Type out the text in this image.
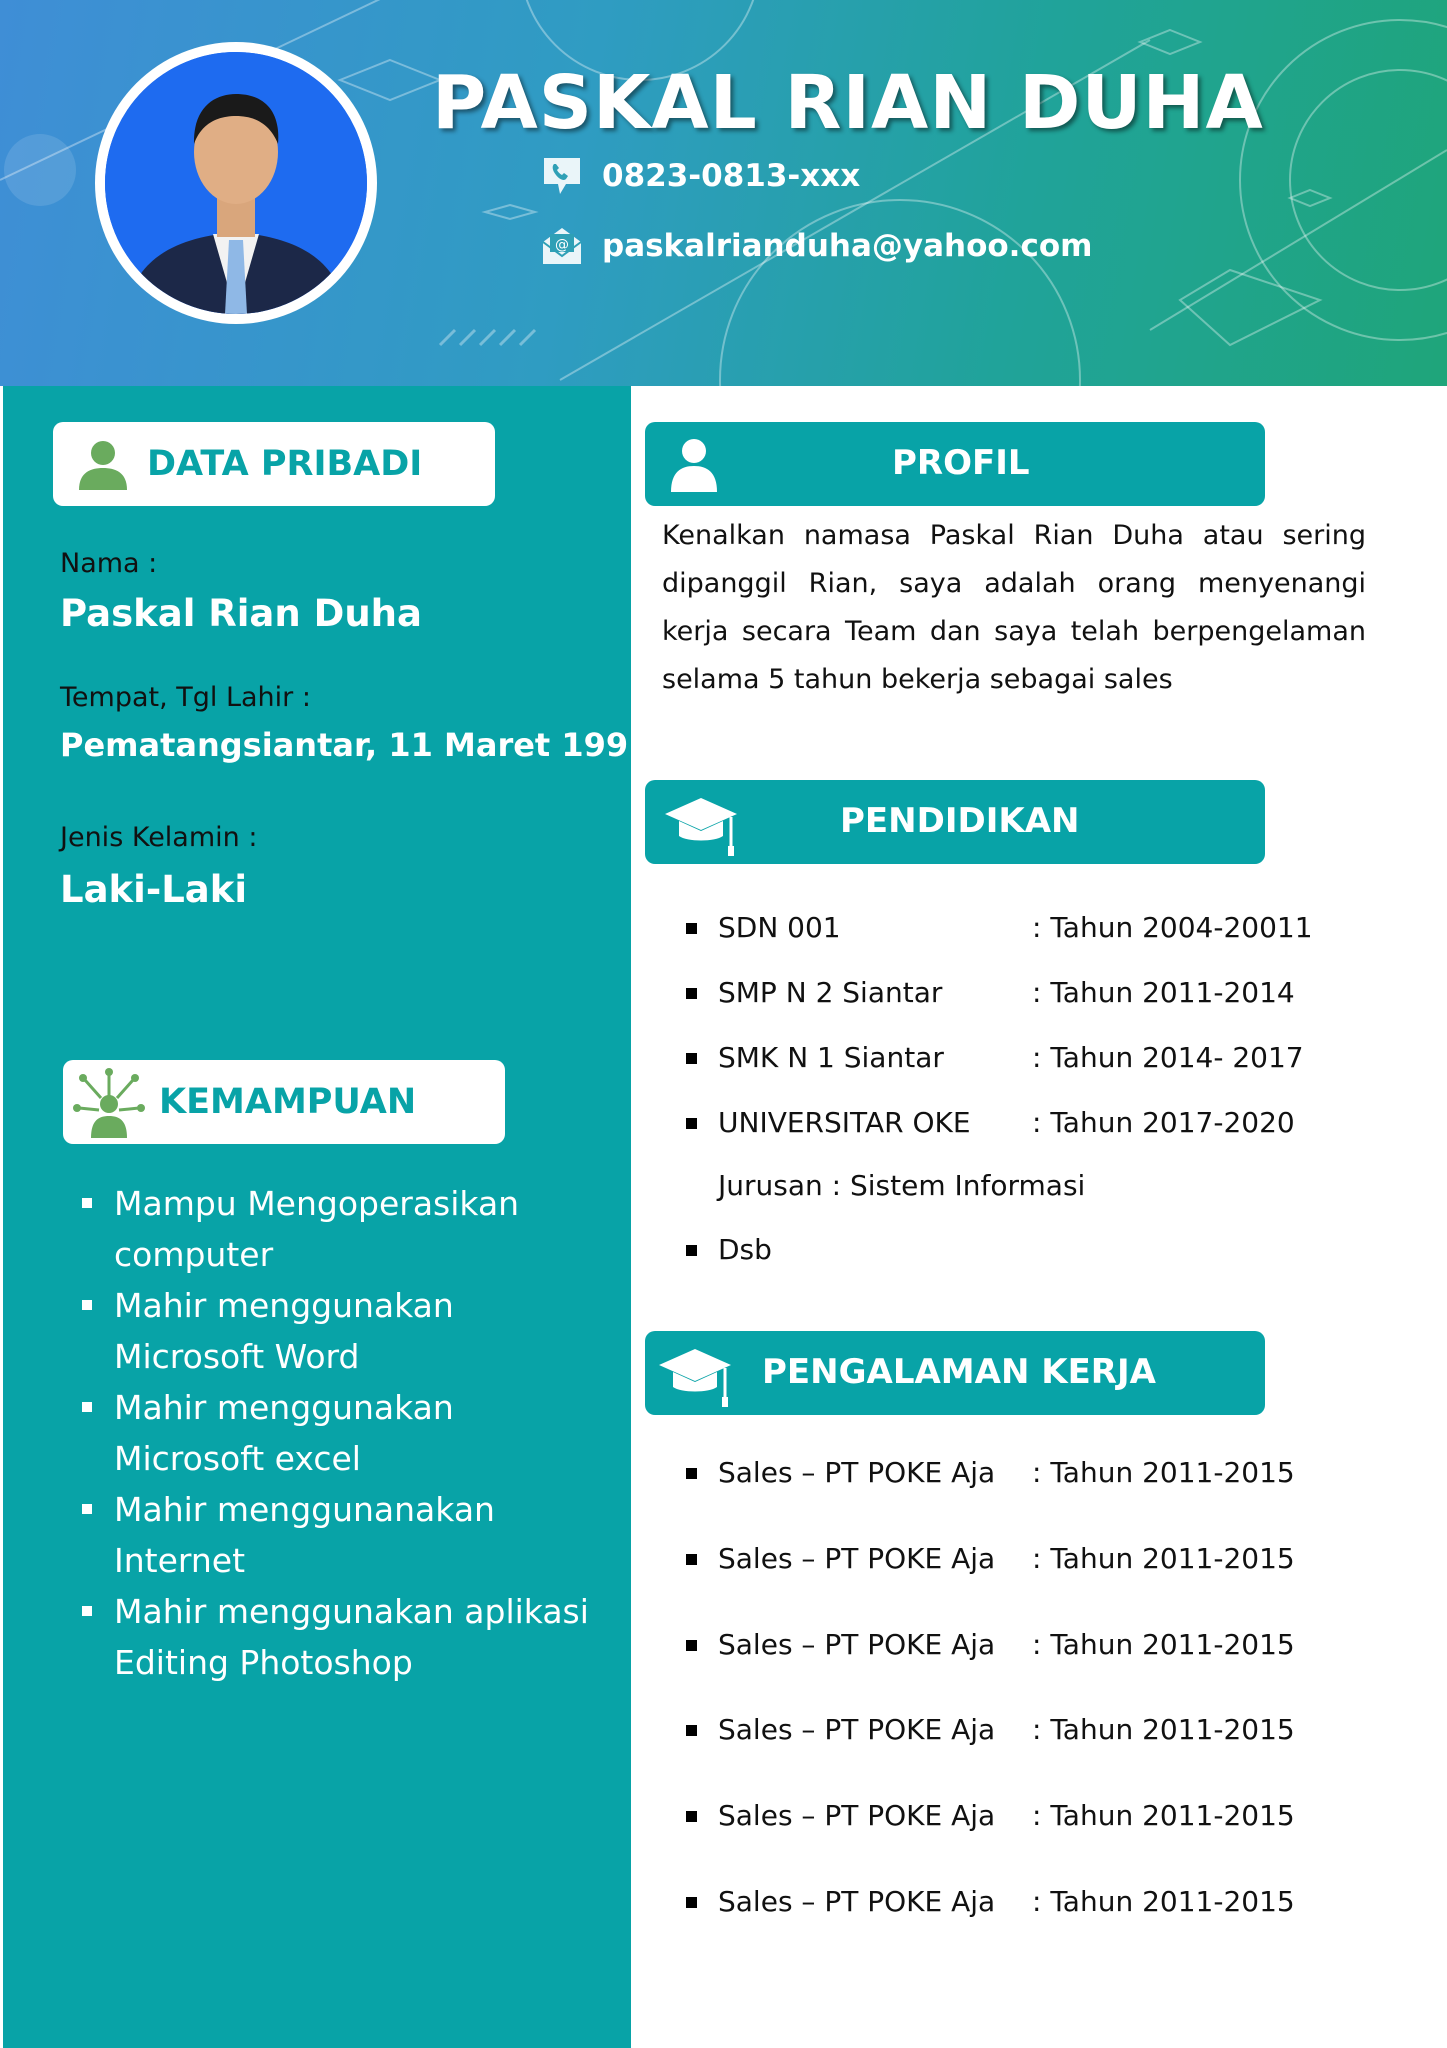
PASKAL RIAN DUHA
0823-0813-xxx
@ paskalrianduha@yahoo.com
DATA PRIBADI
Nama :
Paskal Rian Duha
Tempat, Tgl Lahir :
Pematangsiantar, 11 Maret 1991
Jenis Kelamin :
Laki-Laki
KEMAMPUAN
Mampu Mengoperasikan computer
Mahir menggunakan Microsoft Word
Mahir menggunakan Microsoft excel
Mahir menggunanakan Internet
Mahir menggunakan aplikasi Editing Photoshop
PROFIL
Kenalkan namasa Paskal Rian Duha atau sering dipanggil Rian, saya adalah orang menyenangi kerja secara Team dan saya telah berpengelaman selama 5 tahun bekerja sebagai sales
PENDIDIKAN
SDN 001	: Tahun 2004-20011
SMP N 2 Siantar	: Tahun 2011-2014
SMK N 1 Siantar	: Tahun 2014- 2017
UNIVERSITAR OKE : Tahun 2017-2020
Jurusan : Sistem Informasi
Dsb
PENGALAMAN KERJA
Sales – PT POKE Aja : Tahun 2011-2015
Sales – PT POKE Aja : Tahun 2011-2015
Sales – PT POKE Aja : Tahun 2011-2015
Sales – PT POKE Aja : Tahun 2011-2015
Sales – PT POKE Aja : Tahun 2011-2015
Sales – PT POKE Aja : Tahun 2011-2015
